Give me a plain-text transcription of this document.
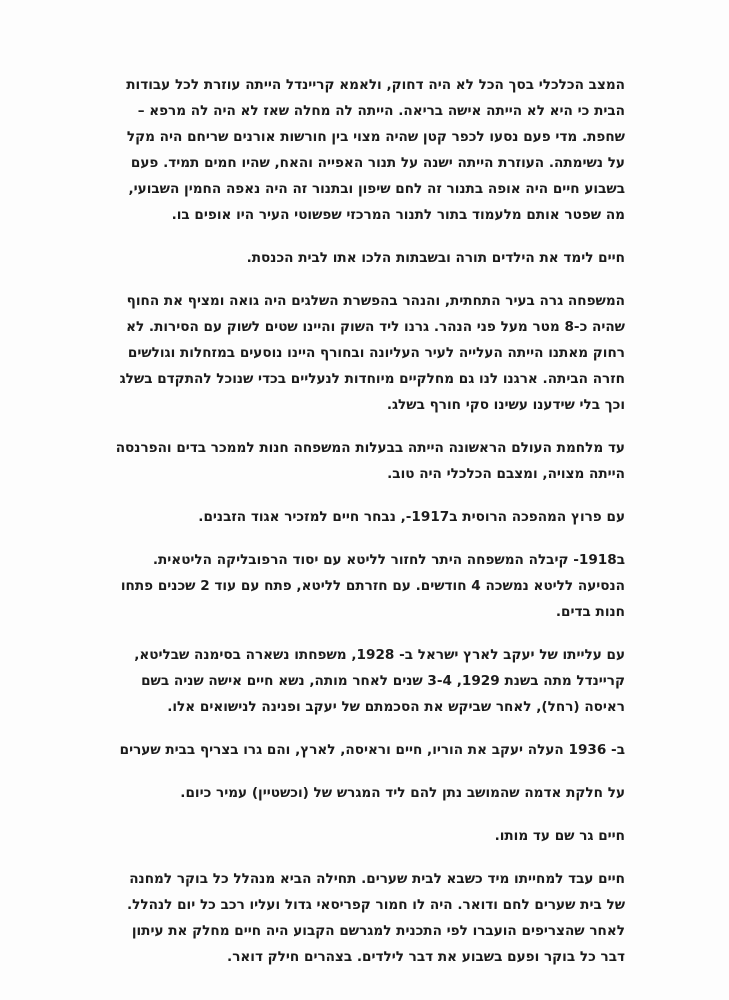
המצב הכלכלי בסך הכל לא היה דחוק, ולאמא קריינדל הייתה עוזרת לכל עבודות
הבית כי היא לא הייתה אישה בריאה. הייתה לה מחלה שאז לא היה לה מרפא –
שחפת. מדי פעם נסעו לכפר קטן שהיה מצוי בין חורשות אורנים שריחם היה מקל
על נשימתה. העוזרת הייתה ישנה על תנור האפייה והאח, שהיו חמים תמיד. פעם
בשבוע חיים היה אופה בתנור זה לחם שיפון ובתנור זה היה נאפה החמין השבועי,
מה שפטר אותם מלעמוד בתור לתנור המרכזי שפשוטי העיר היו אופים בו.

חיים לימד את הילדים תורה ובשבתות הלכו אתו לבית הכנסת.

המשפחה גרה בעיר התחתית, והנהר בהפשרת השלגים היה גואה ומציף את החוף
שהיה כ-8 מטר מעל פני הנהר. גרנו ליד השוק והיינו שטים לשוק עם הסירות. לא
רחוק מאתנו הייתה העלייה לעיר העליונה ובחורף היינו נוסעים במזחלות וגולשים
חזרה הביתה. ארגנו לנו גם מחלקיים מיוחדות לנעליים בכדי שנוכל להתקדם בשלג
וכך בלי שידענו עשינו סקי חורף בשלג.

עד מלחמת העולם הראשונה הייתה בבעלות המשפחה חנות לממכר בדים והפרנסה
הייתה מצויה, ומצבם הכלכלי היה טוב.

עם פרוץ המהפכה הרוסית ב1917-, נבחר חיים למזכיר אגוד הזבנים.

ב1918- קיבלה המשפחה היתר לחזור לליטא עם יסוד הרפובליקה הליטאית.
הנסיעה לליטא נמשכה 4 חודשים. עם חזרתם לליטא, פתח עם עוד 2 שכנים פתחו
חנות בדים.

עם עלייתו של יעקב לארץ ישראל ב- 1928, משפחתו נשארה בסימנה שבליטא,
קריינדל מתה בשנת 1929, 3-4 שנים לאחר מותה, נשא חיים אישה שניה בשם
ראיסה (רחל), לאחר שביקש את הסכמתם של יעקב ופנינה לנישואים אלו.

ב- 1936 העלה יעקב את הוריו, חיים וראיסה, לארץ, והם גרו בצריף בבית שערים

על חלקת אדמה שהמושב נתן להם ליד המגרש של (וכשטיין) עמיר כיום.

חיים גר שם עד מותו.

חיים עבד למחייתו מיד כשבא לבית שערים. תחילה הביא מנהלל כל בוקר למחנה
של בית שערים לחם ודואר. היה לו חמור קפריסאי גדול ועליו רכב כל יום לנהלל.
לאחר שהצריפים הועברו לפי התכנית למגרשם הקבוע היה חיים מחלק את עיתון
דבר כל בוקר ופעם בשבוע את דבר לילדים. בצהרים חילק דואר.
